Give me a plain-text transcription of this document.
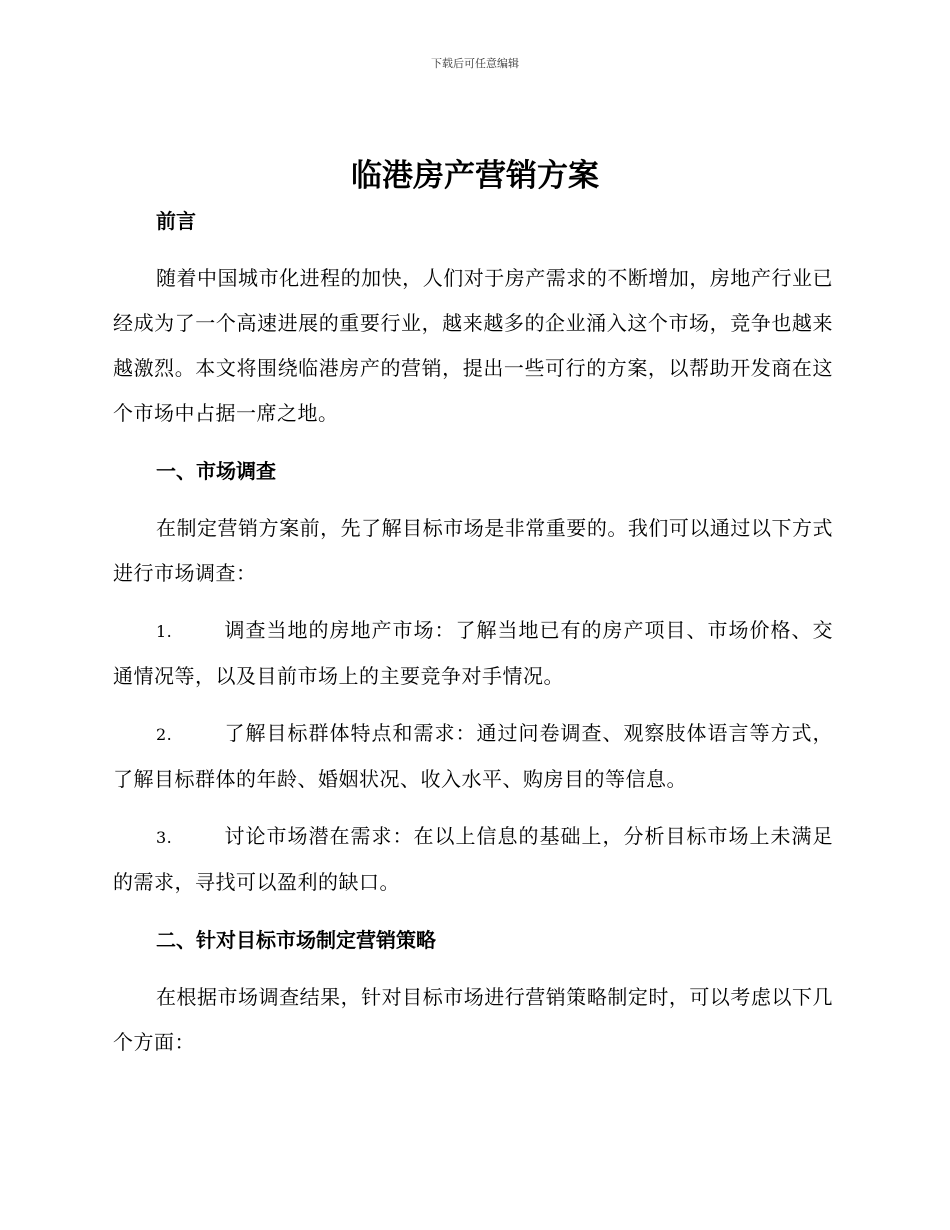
下载后可任意编辑
临港房产营销方案
前言

随着中国城市化进程的加快，人们对于房产需求的不断增加，房地产行业已经成为了一个高速进展的重要行业，越来越多的企业涌入这个市场，竞争也越来越激烈。本文将围绕临港房产的营销，提出一些可行的方案，以帮助开发商在这个市场中占据一席之地。

一、市场调查

在制定营销方案前，先了解目标市场是非常重要的。我们可以通过以下方式进行市场调查：

1.	调查当地的房地产市场：了解当地已有的房产项目、市场价格、交通情况等，以及目前市场上的主要竞争对手情况。

2.	了解目标群体特点和需求：通过问卷调查、观察肢体语言等方式，了解目标群体的年龄、婚姻状况、收入水平、购房目的等信息。

3.	讨论市场潜在需求：在以上信息的基础上，分析目标市场上未满足的需求，寻找可以盈利的缺口。

二、针对目标市场制定营销策略

在根据市场调查结果，针对目标市场进行营销策略制定时，可以考虑以下几个方面：
